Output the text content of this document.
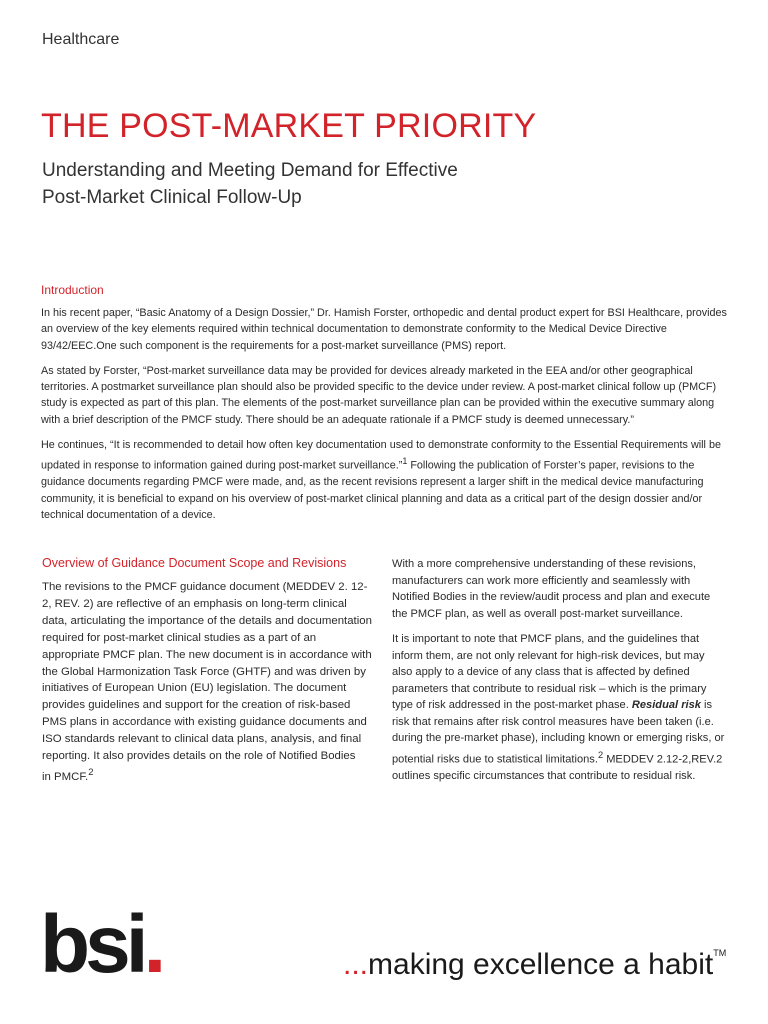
Healthcare
THE POST-MARKET PRIORITY
Understanding and Meeting Demand for Effective
Post-Market Clinical Follow-Up
Introduction

In his recent paper, “Basic Anatomy of a Design Dossier,” Dr. Hamish Forster, orthopedic and dental product expert for BSI Healthcare, provides an overview of the key elements required within technical documentation to demonstrate conformity to the Medical Device Directive 93/42/EEC.One such component is the requirements for a post-market surveillance (PMS) report.

As stated by Forster, “Post-market surveillance data may be provided for devices already marketed in the EEA and/or other geographical territories. A postmarket surveillance plan should also be provided specific to the device under review. A post-market clinical follow up (PMCF) study is expected as part of this plan. The elements of the post-market surveillance plan can be provided within the executive summary along with a brief description of the PMCF study. There should be an adequate rationale if a PMCF study is deemed unnecessary.”

He continues, “It is recommended to detail how often key documentation used to demonstrate conformity to the Essential Requirements will be updated in response to information gained during post-market surveillance.”$^1$ Following the publication of Forster’s paper, revisions to the guidance documents regarding PMCF were made, and, as the recent revisions represent a larger shift in the medical device manufacturing community, it is beneficial to expand on his overview of post-market clinical planning and data as a critical part of the design dossier and/or technical documentation of a device.

Overview of Guidance Document Scope and Revisions

The revisions to the PMCF guidance document (MEDDEV 2. 12-2, REV. 2) are reflective of an emphasis on long-term clinical data, articulating the importance of the details and documentation required for post-market clinical studies as a part of an appropriate PMCF plan. The new document is in accordance with the Global Harmonization Task Force (GHTF) and was driven by initiatives of European Union (EU) legislation. The document provides guidelines and support for the creation of risk-based PMS plans in accordance with existing guidance documents and ISO standards relevant to clinical data plans, analysis, and final reporting. It also provides details on the role of Notified Bodies
in PMCF.$^2$

With a more comprehensive understanding of these revisions, manufacturers can work more efficiently and seamlessly with Notified Bodies in the review/audit process and plan and execute the PMCF plan, as well as overall post-market surveillance.

It is important to note that PMCF plans, and the guidelines that inform them, are not only relevant for high-risk devices, but may also apply to a device of any class that is affected by defined parameters that contribute to residual risk – which is the primary type of risk addressed in the post-market phase. Residual risk is risk that remains after risk control measures have been taken (i.e. during the pre-market phase), including known or emerging risks, or potential risks due to statistical limitations.$^2$ MEDDEV 2.12-2,REV.2 outlines specific circumstances that contribute to residual risk.

bsi.	...making excellence a habit™
